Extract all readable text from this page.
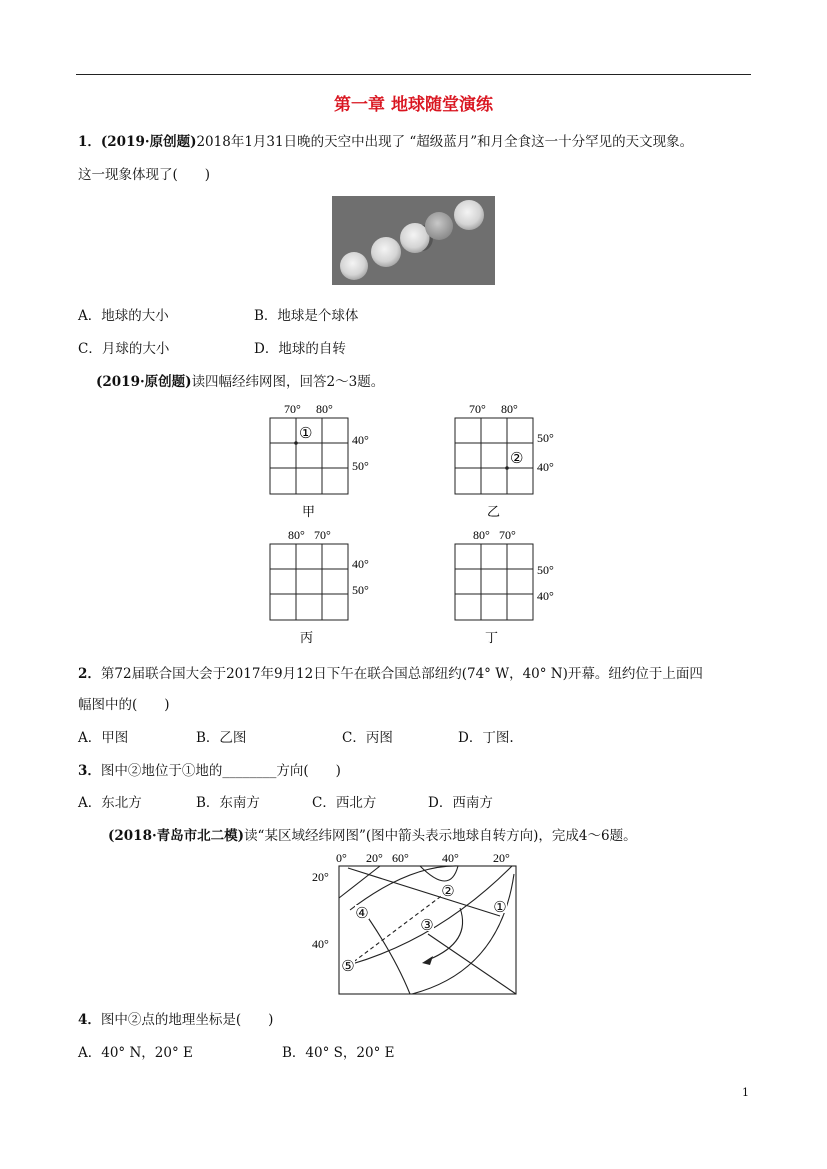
第一章 地球随堂演练
1．(2019·原创题)2018年1月31日晚的天空中出现了 “超级蓝月”和月全食这一十分罕见的天文现象。
这一现象体现了(　　)
A．地球的大小	B．地球是个球体
C．月球的大小	D．地球的自转
(2019·原创题)读四幅经纬网图，回答2～3题。
70° 80°
①	40°
50°
甲
70° 80°
②
50°
40°
乙
80° 70°
40°
50°
丙
80° 70°
50°
40°
丁
2．第72届联合国大会于2017年9月12日下午在联合国总部纽约(74° W，40° N)开幕。纽约位于上面四
幅图中的(　　)
A．甲图	B．乙图	C．丙图	D．丁图.
3．图中②地位于①地的________方向(　　)
A．东北方	B．东南方	C．西北方	D．西南方
(2018·青岛市北二模)读“某区域经纬网图”(图中箭头表示地球自转方向)，完成4～6题。
0° 20° 60°	40°	20°
20°
40°
①
②
③
④
⑤
4．图中②点的地理坐标是(　　)
A．40° N，20° E	B．40° S，20° E
1
